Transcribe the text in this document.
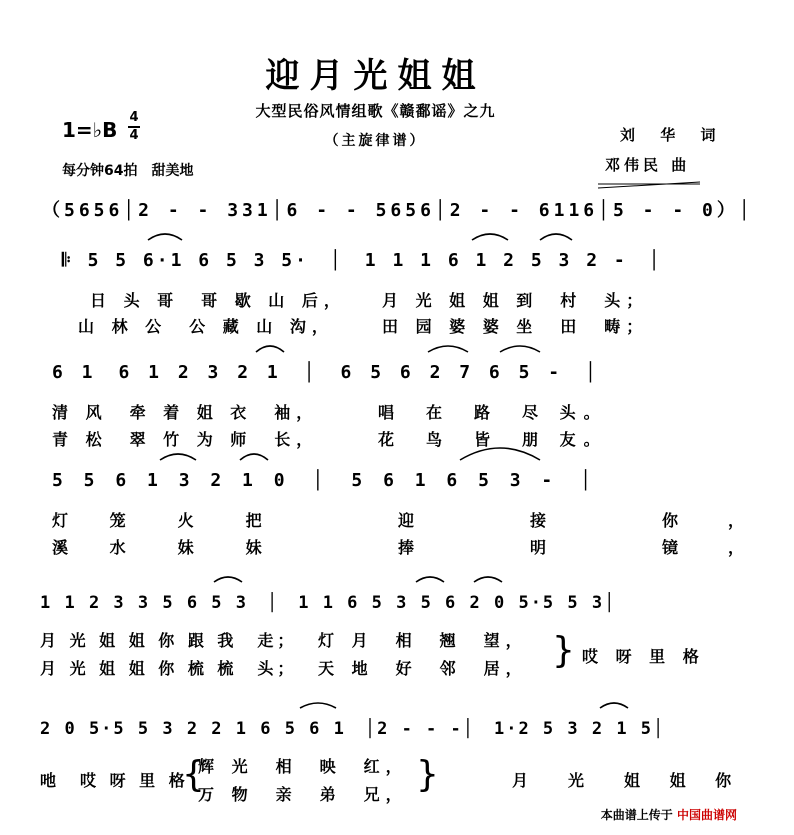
迎月光姐姐
大型民俗风情组歌《赣鄱谣》之九
（主旋律谱）
1=♭B
4
4
每分钟64拍　甜美地
刘 华 词
邓伟民 曲
（5656│2 - - 331│6 - - 5656│2 - - 6116│5 - - 0）│
𝄆 5 5 6·1 6 5 3 5·　│　1 1 1 6 1 2 5 3 2 -　│
日 头 哥　哥 歇 山 后， 月 光 姐 姐 到　村　头；
山 林 公　公 藏 山 沟，	田 园 婆 婆 坐　田　畴；
6 1　6 1 2 3 2 1　│　6 5 6 2 7 6 5 -　│
清 风　牵 着 姐 衣　袖，	唱　在　路　尽 头。
青 松　翠 竹 为 师　长，	花　鸟　皆　朋 友。
5 5 6 1 3 2 1 0　│　5 6 1 6 5 3 -　│
灯 笼　火　把	迎　接　你，
溪 水　妹　妹	捧　明　镜，
1 1 2 3 3 5 6 5 3　│　1 1 6 5 3 5 6 2 0 5·5 5 3│
月 光 姐 姐 你 跟 我　走； 灯 月　相　翘　望，
月 光 姐 姐 你 梳 梳　头； 天 地　好　邻　居， } 哎 呀 里 格
2 0 5·5 5 3 2 2 1 6 5 6 1　│2 - - -│　1·2 5 3 2 1 5│
吔　哎 呀 里 格
{
辉 光　相　映　红，
万 物　亲　弟　兄， }	月　光　姐 姐 你
本曲谱上传于 中国曲谱网
